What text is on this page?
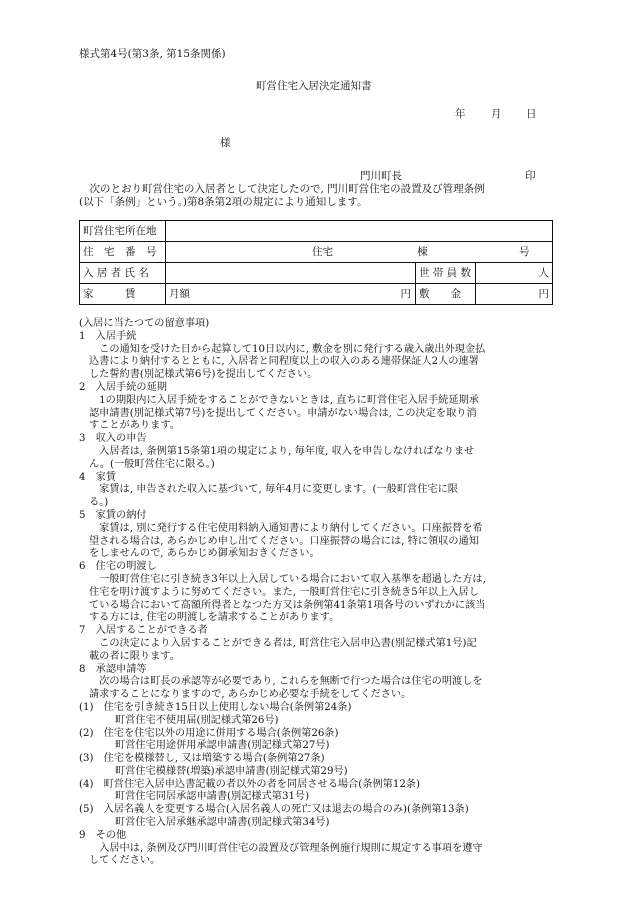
様式第4号(第3条, 第15条関係)
町営住宅入居決定通知書
年 月 日
様
門川町長	印

　次のとおり町営住宅の入居者として決定したので, 門川町営住宅の設置及び管理条例

(以下「条例」という。)第8条第2項の規定により通知します。

町営住宅所在地			
住　宅　番　号	住宅 棟 号		

入 居 者 氏 名		世 帯 員 数	人
家　　　賃	月額 円	敷　　金	円
(入居に当たつての留意事項)
1　入居手続
　この通知を受けた日から起算して10日以内に, 敷金を別に発行する歳入歳出外現金払
込書により納付するとともに, 入居者と同程度以上の収入のある連帯保証人2人の連署
した誓約書(別記様式第6号)を提出してください。
2　入居手続の延期
　1の期限内に入居手続をすることができないときは, 直ちに町営住宅入居手続延期承
認申請書(別記様式第7号)を提出してください。申請がない場合は, この決定を取り消
すことがあります。
3　収入の申告
　入居者は, 条例第15条第1項の規定により, 毎年度, 収入を申告しなければなりませ
ん。(一般町営住宅に限る。)
4　家賃
　家賃は, 申告された収入に基づいて, 毎年4月に変更します。(一般町営住宅に限
る。)
5　家賃の納付
　家賃は, 別に発行する住宅使用料納入通知書により納付してください。口座振替を希
望される場合は, あらかじめ申し出てください。口座振替の場合には, 特に領収の通知
をしませんので, あらかじめ御承知おきください。
6　住宅の明渡し
　一般町営住宅に引き続き3年以上入居している場合において収入基準を超過した方は,
住宅を明け渡すように努めてください。また, 一般町営住宅に引き続き5年以上入居し
ている場合において高額所得者となつた方又は条例第41条第1項各号のいずれかに該当
する方には, 住宅の明渡しを請求することがあります。
7　入居することができる者
　この決定により入居することができる者は, 町営住宅入居申込書(別記様式第1号)記
載の者に限ります。
8　承認申請等
　次の場合は町長の承認等が必要であり, これらを無断で行つた場合は住宅の明渡しを
請求することになりますので, あらかじめ必要な手続をしてください。
(1)　住宅を引き続き15日以上使用しない場合(条例第24条)
町営住宅不使用届(別記様式第26号)
(2)　住宅を住宅以外の用途に併用する場合(条例第26条)
町営住宅用途併用承認申請書(別記様式第27号)
(3)　住宅を模様替し, 又は増築する場合(条例第27条)
町営住宅模様替(増築)承認申請書(別記様式第29号)
(4)　町営住宅入居申込書記載の者以外の者を同居させる場合(条例第12条)
町営住宅同居承認申請書(別記様式第31号)
(5)　入居名義人を変更する場合(入居名義人の死亡又は退去の場合のみ)(条例第13条)
町営住宅入居承継承認申請書(別記様式第34号)
9　その他
　入居中は, 条例及び門川町営住宅の設置及び管理条例施行規則に規定する事項を遵守
してください。
